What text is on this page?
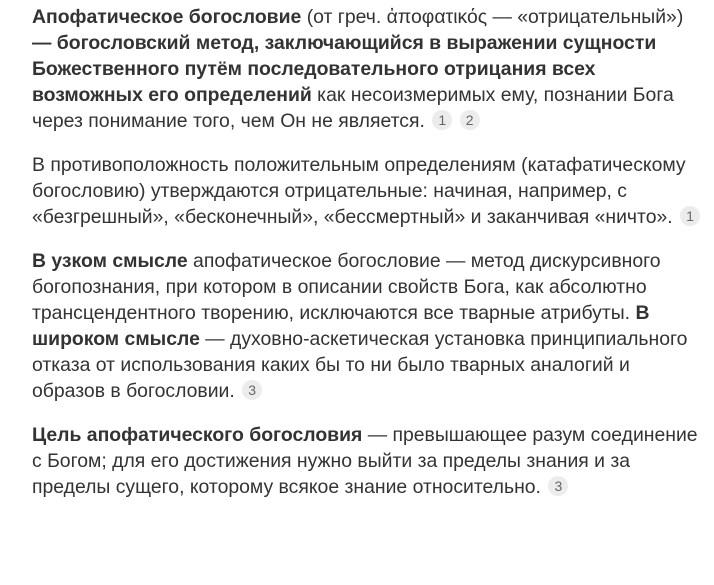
Апофатическое богословие (от греч. ἀποφατικός — «отрицательный») — богословский метод, заключающийся в выражении сущности Божественного путём последовательного отрицания всех возможных его определений как несоизмеримых ему, познании Бога через понимание того, чем Он не является. 1 2

В противоположность положительным определениям (катафатическому богословию) утверждаются отрицательные: начиная, например, с «безгрешный», «бесконечный», «бессмертный» и заканчивая «ничто». 1

В узком смысле апофатическое богословие — метод дискурсивного богопознания, при котором в описании свойств Бога, как абсолютно трансцендентного творению, исключаются все тварные атрибуты. В широком смысле — духовно-аскетическая установка принципиального отказа от использования каких бы то ни было тварных аналогий и образов в богословии. 3

Цель апофатического богословия — превышающее разум соединение с Богом; для его достижения нужно выйти за пределы знания и за пределы сущего, которому всякое знание относительно. 3
